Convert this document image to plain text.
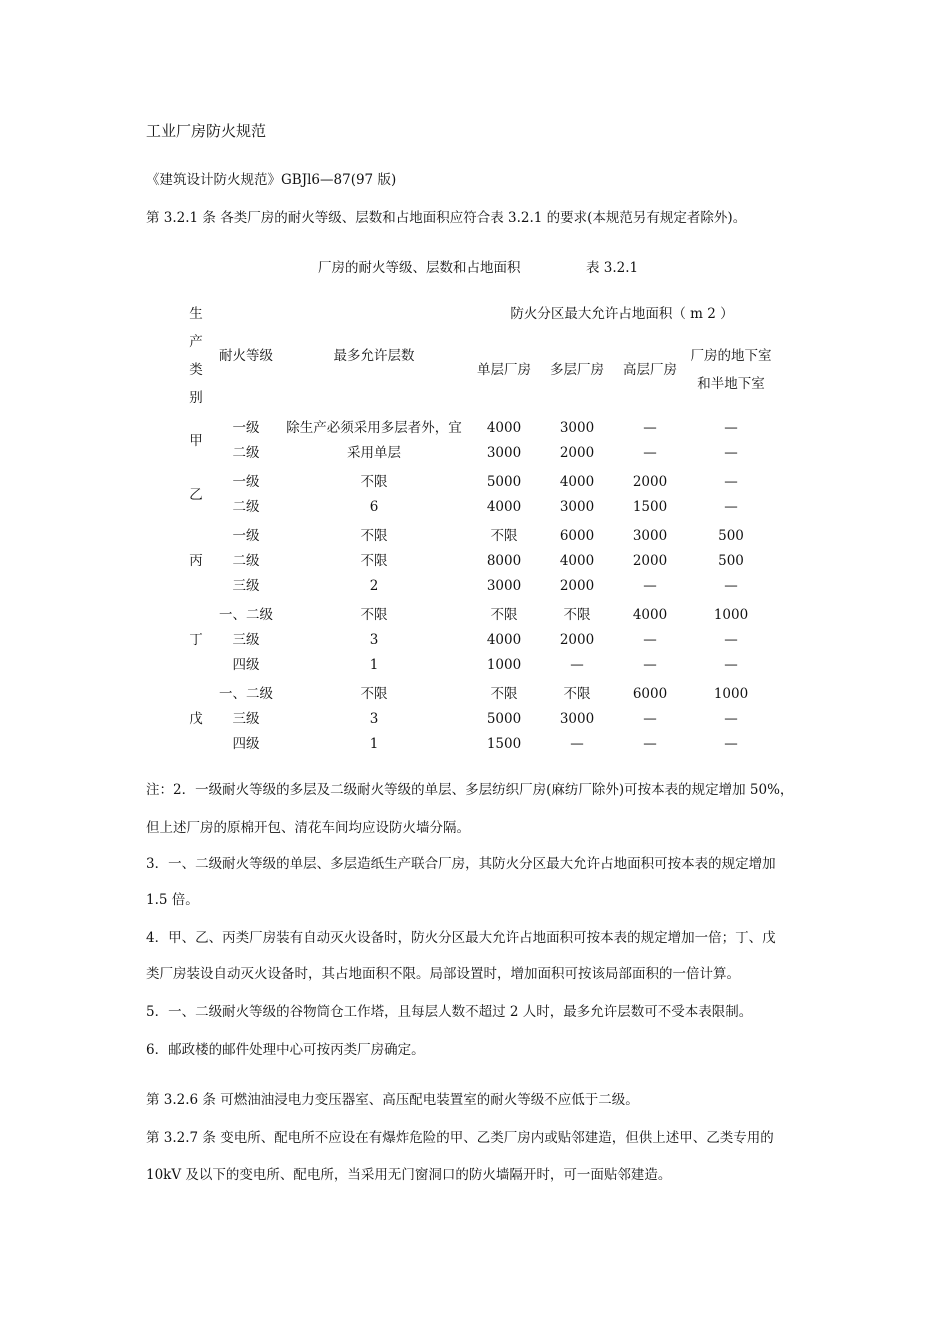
工业厂房防火规范
《建筑设计防火规范》GBJl6—87(97 版)
第 3.2.1 条 各类厂房的耐火等级、层数和占地面积应符合表 3.2.1 的要求(本规范另有规定者除外)。
厂房的耐火等级、层数和占地面积	表 3.2.1
生产类别	耐火等级	最多允许层数	防火分区最大允许占地面积（ m 2 ）			
			单层厂房	多层厂房	高层厂房	厂房的地下室和半地下室

甲	一级	除生产必须采用多层者外，宜	4000	3000	—	—
	二级	采用单层	3000	2000	—	—

乙	一级	不限	5000	4000	2000	—
	二级	6	4000	3000	1500	—

丙	一级	不限	不限	6000	3000	500
	二级	不限	8000	4000	2000	500
	三级	2	3000	2000	—	—

丁	一、二级	不限	不限	不限	4000	1000
	三级	3	4000	2000	—	—
	四级	1	1000	—	—	—

戊	一、二级	不限	不限	不限	6000	1000
	三级	3	5000	3000	—	—
	四级	1	1500	—	—	—
注：2．一级耐火等级的多层及二级耐火等级的单层、多层纺织厂房(麻纺厂除外)可按本表的规定增加 50%，
但上述厂房的原棉开包、清花车间均应设防火墙分隔。
3．一、二级耐火等级的单层、多层造纸生产联合厂房，其防火分区最大允许占地面积可按本表的规定增加
1.5 倍。
4．甲、乙、丙类厂房装有自动灭火设备时，防火分区最大允许占地面积可按本表的规定增加一倍；丁、戊
类厂房装设自动灭火设备时，其占地面积不限。局部设置时，增加面积可按该局部面积的一倍计算。
5．一、二级耐火等级的谷物筒仓工作塔，且每层人数不超过 2 人时，最多允许层数可不受本表限制。
6．邮政楼的邮件处理中心可按丙类厂房确定。
第 3.2.6 条 可燃油油浸电力变压器室、高压配电装置室的耐火等级不应低于二级。
第 3.2.7 条 变电所、配电所不应设在有爆炸危险的甲、乙类厂房内或贴邻建造，但供上述甲、乙类专用的
10kV 及以下的变电所、配电所，当采用无门窗洞口的防火墙隔开时，可一面贴邻建造。
